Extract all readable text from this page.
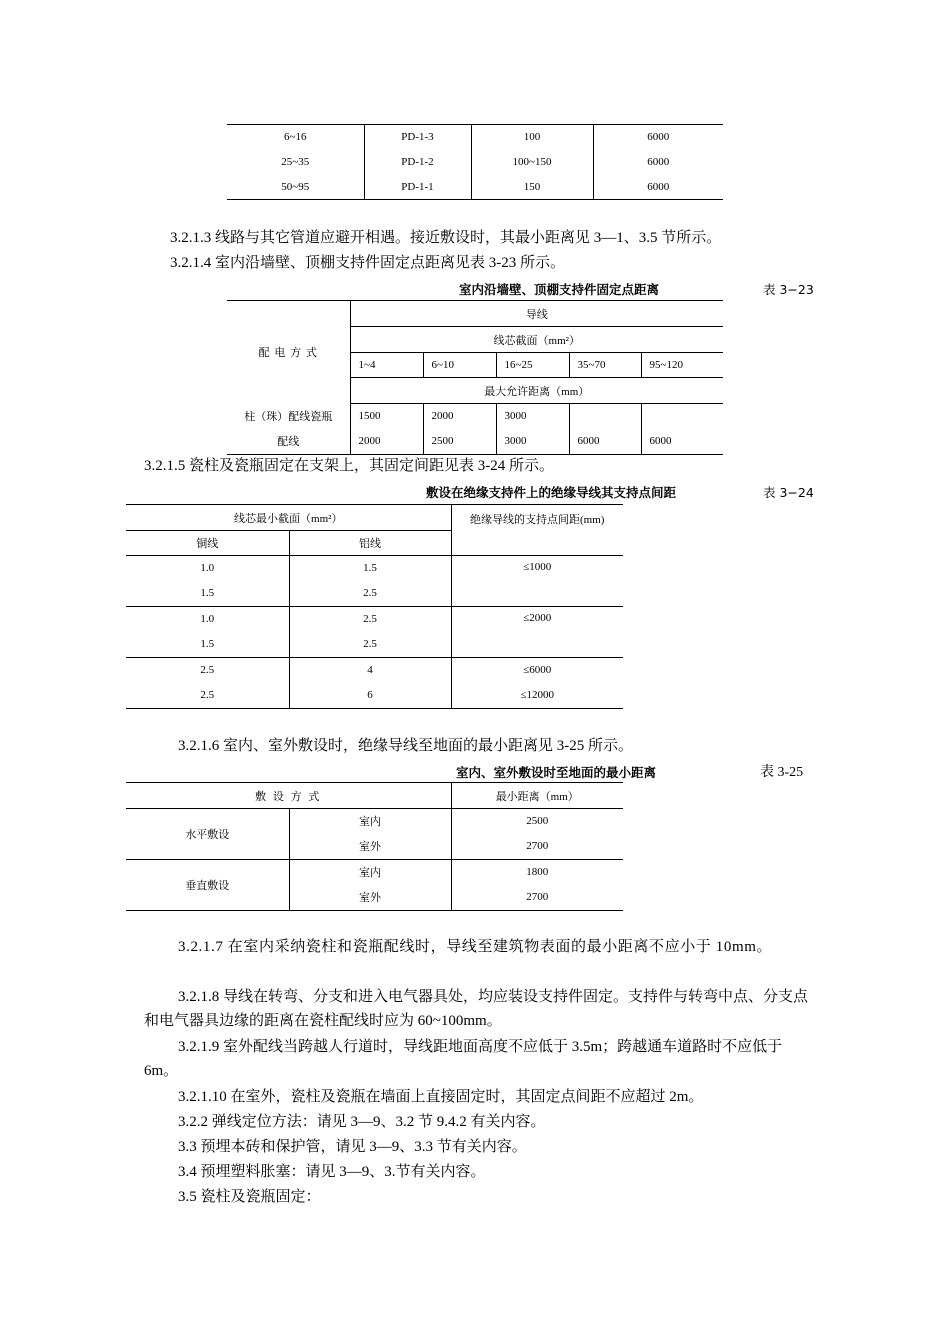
6~16	PD-1-3	100	6000
25~35	PD-1-2	100~150	6000
50~95	PD-1-1	150	6000
3.2.1.3 线路与其它管道应避开相遇。接近敷设时，其最小距离见 3—1、3.5 节所示。
3.2.1.4 室内沿墙壁、顶棚支持件固定点距离见表 3-23 所示。
室内沿墙壁、顶棚支持件固定点距离	表 3−23
配 电 方 式	导线				
	线芯截面（mm²）				
	1~4	6~10	16~25	35~70	95~120
	最大允许距离（mm）				
柱（珠）配线瓷瓶	1500	2000	3000		
配线	2000	2500	3000	6000	6000
3.2.1.5 瓷柱及瓷瓶固定在支架上，其固定间距见表 3-24 所示。
敷设在绝缘支持件上的绝缘导线其支持点间距	表 3−24
线芯最小截面（mm²）		绝缘导线的支持点间距(mm)
铜线	铝线	
1.0	1.5	≤1000
1.5	2.5	
1.0	2.5	≤2000
1.5	2.5	
2.5	4	≤6000
2.5	6	≤12000
3.2.1.6 室内、室外敷设时，绝缘导线至地面的最小距离见 3-25 所示。
室内、室外敷设时至地面的最小距离	表 3-25
敷 设 方 式		最小距离（mm）
水平敷设	室内	2500
	室外	2700
垂直敷设	室内	1800
	室外	2700
3.2.1.7 在室内采纳瓷柱和瓷瓶配线时，导线至建筑物表面的最小距离不应小于 10mm。
3.2.1.8 导线在转弯、分支和进入电气器具处，均应装设支持件固定。支持件与转弯中点、分支点和电气器具边缘的距离在瓷柱配线时应为 60~100mm。
3.2.1.9 室外配线当跨越人行道时，导线距地面高度不应低于 3.5m；跨越通车道路时不应低于 6m。
3.2.1.10 在室外，瓷柱及瓷瓶在墙面上直接固定时，其固定点间距不应超过 2m。
3.2.2 弹线定位方法：请见 3—9、3.2 节 9.4.2 有关内容。
3.3 预埋本砖和保护管，请见 3—9、3.3 节有关内容。
3.4 预埋塑料胀塞：请见 3—9、3.节有关内容。
3.5 瓷柱及瓷瓶固定：
